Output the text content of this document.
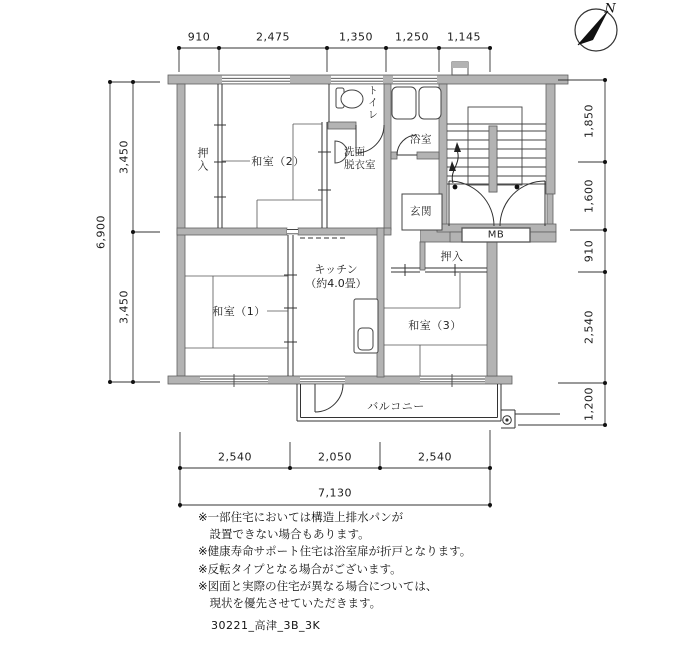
N
910	2,475	1,350 1,250 1,145
6,900
3,450
3,450
1,850
1,600
910
2,540
1,200
2,540	2,050	2,540
7,130
押入	和室（2）
トイレ
浴室
洗面
脱衣室
玄関
MB
押入
キッチン
（約4.0畳）
和室（1）
和室（3）
バルコニー
※一部住宅においては構造上排水パンが
　設置できない場合もあります。
※健康寿命サポート住宅は浴室扉が折戸となります。
※反転タイプとなる場合がございます。
※図面と実際の住宅が異なる場合については、
　現状を優先させていただきます。
30221_高津_3B_3K
